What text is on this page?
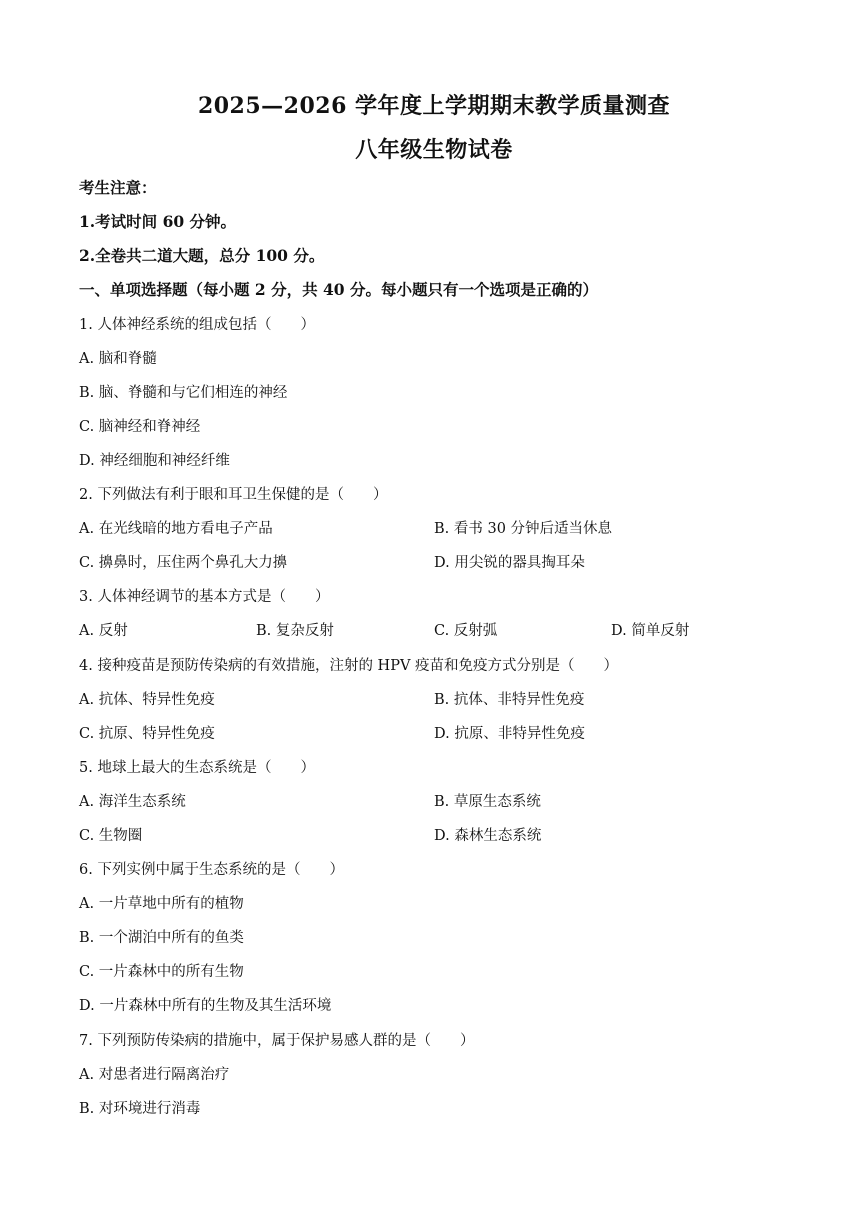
2025—2026 学年度上学期期末教学质量测查
八年级生物试卷
考生注意：
1.考试时间 60 分钟。
2.全卷共二道大题，总分 100 分。
一、单项选择题（每小题 2 分，共 40 分。每小题只有一个选项是正确的）
1. 人体神经系统的组成包括（　　）
A. 脑和脊髓
B. 脑、脊髓和与它们相连的神经
C. 脑神经和脊神经
D. 神经细胞和神经纤维
2. 下列做法有利于眼和耳卫生保健的是（　　）
A. 在光线暗的地方看电子产品	B. 看书 30 分钟后适当休息
C. 擤鼻时，压住两个鼻孔大力擤	D. 用尖锐的器具掏耳朵
3. 人体神经调节的基本方式是（　　）
A. 反射	B. 复杂反射	C. 反射弧	D. 简单反射
4. 接种疫苗是预防传染病的有效措施，注射的 HPV 疫苗和免疫方式分别是（　　）
A. 抗体、特异性免疫	B. 抗体、非特异性免疫
C. 抗原、特异性免疫	D. 抗原、非特异性免疫
5. 地球上最大的生态系统是（　　）
A. 海洋生态系统	B. 草原生态系统
C. 生物圈	D. 森林生态系统
6. 下列实例中属于生态系统的是（　　）
A. 一片草地中所有的植物
B. 一个湖泊中所有的鱼类
C. 一片森林中的所有生物
D. 一片森林中所有的生物及其生活环境
7. 下列预防传染病的措施中，属于保护易感人群的是（　　）
A. 对患者进行隔离治疗
B. 对环境进行消毒
